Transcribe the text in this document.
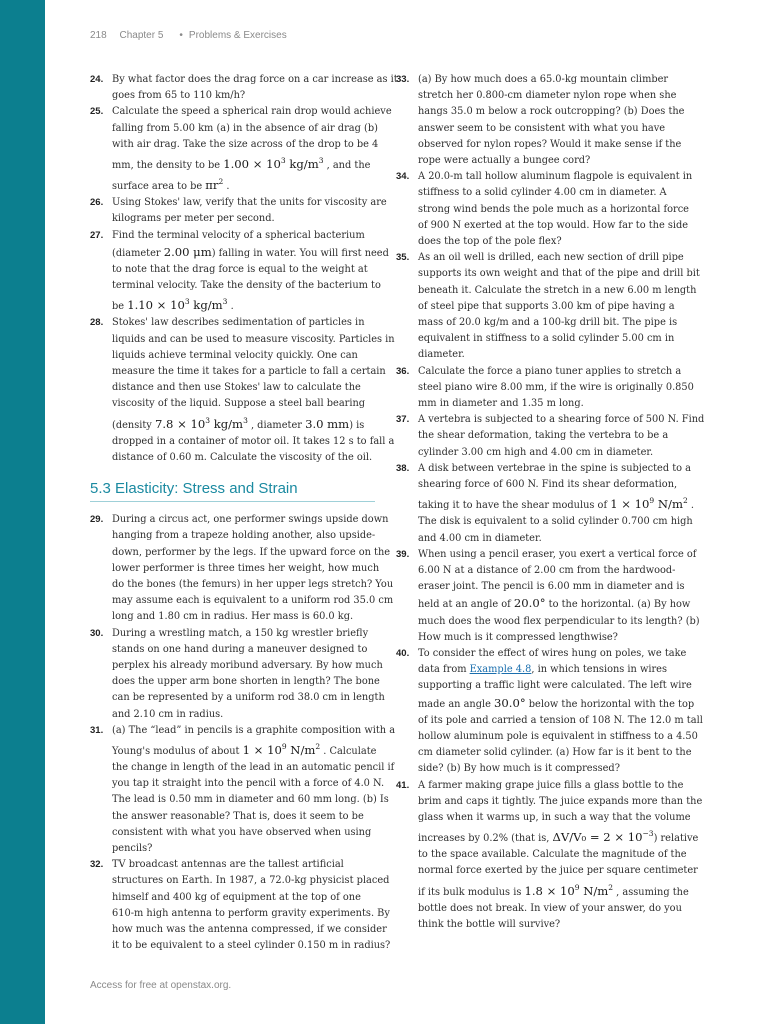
218 Chapter 5 • Problems & Exercises
24. By what factor does the drag force on a car increase as it
goes from 65 to 110 km/h?
25. Calculate the speed a spherical rain drop would achieve
falling from 5.00 km (a) in the absence of air drag (b)
with air drag. Take the size across of the drop to be 4
mm, the density to be $1.00 \times 10^3$ $kg/m^3$ , and the
surface area to be $\pi r^2$ .
26. Using Stokes' law, verify that the units for viscosity are
kilograms per meter per second.
27. Find the terminal velocity of a spherical bacterium
(diameter 2.00 μm) falling in water. You will first need
to note that the drag force is equal to the weight at
terminal velocity. Take the density of the bacterium to
be $1.10 \times 10^3$ $kg/m^3$ .
28. Stokes' law describes sedimentation of particles in
liquids and can be used to measure viscosity. Particles in
liquids achieve terminal velocity quickly. One can
measure the time it takes for a particle to fall a certain
distance and then use Stokes' law to calculate the
viscosity of the liquid. Suppose a steel ball bearing
(density $7.8 \times 10^3$ $kg/m^3$ , diameter 3.0 mm) is
dropped in a container of motor oil. It takes 12 s to fall a
distance of 0.60 m. Calculate the viscosity of the oil.
5.3 Elasticity: Stress and Strain
29. During a circus act, one performer swings upside down
hanging from a trapeze holding another, also upside-
down, performer by the legs. If the upward force on the
lower performer is three times her weight, how much
do the bones (the femurs) in her upper legs stretch? You
may assume each is equivalent to a uniform rod 35.0 cm
long and 1.80 cm in radius. Her mass is 60.0 kg.
30. During a wrestling match, a 150 kg wrestler briefly
stands on one hand during a maneuver designed to
perplex his already moribund adversary. By how much
does the upper arm bone shorten in length? The bone
can be represented by a uniform rod 38.0 cm in length
and 2.10 cm in radius.
31. (a) The “lead” in pencils is a graphite composition with a
Young's modulus of about $1 \times 10^9$ $N/m^2$ . Calculate
the change in length of the lead in an automatic pencil if
you tap it straight into the pencil with a force of 4.0 N.
The lead is 0.50 mm in diameter and 60 mm long. (b) Is
the answer reasonable? That is, does it seem to be
consistent with what you have observed when using
pencils?
32. TV broadcast antennas are the tallest artificial
structures on Earth. In 1987, a 72.0-kg physicist placed
himself and 400 kg of equipment at the top of one
610-m high antenna to perform gravity experiments. By
how much was the antenna compressed, if we consider
it to be equivalent to a steel cylinder 0.150 m in radius?
33. (a) By how much does a 65.0-kg mountain climber
stretch her 0.800-cm diameter nylon rope when she
hangs 35.0 m below a rock outcropping? (b) Does the
answer seem to be consistent with what you have
observed for nylon ropes? Would it make sense if the
rope were actually a bungee cord?
34. A 20.0-m tall hollow aluminum flagpole is equivalent in
stiffness to a solid cylinder 4.00 cm in diameter. A
strong wind bends the pole much as a horizontal force
of 900 N exerted at the top would. How far to the side
does the top of the pole flex?
35. As an oil well is drilled, each new section of drill pipe
supports its own weight and that of the pipe and drill bit
beneath it. Calculate the stretch in a new 6.00 m length
of steel pipe that supports 3.00 km of pipe having a
mass of 20.0 kg/m and a 100-kg drill bit. The pipe is
equivalent in stiffness to a solid cylinder 5.00 cm in
diameter.
36. Calculate the force a piano tuner applies to stretch a
steel piano wire 8.00 mm, if the wire is originally 0.850
mm in diameter and 1.35 m long.
37. A vertebra is subjected to a shearing force of 500 N. Find
the shear deformation, taking the vertebra to be a
cylinder 3.00 cm high and 4.00 cm in diameter.
38. A disk between vertebrae in the spine is subjected to a
shearing force of 600 N. Find its shear deformation,
taking it to have the shear modulus of $1 \times 10^9$ $N/m^2$ .
The disk is equivalent to a solid cylinder 0.700 cm high
and 4.00 cm in diameter.
39. When using a pencil eraser, you exert a vertical force of
6.00 N at a distance of 2.00 cm from the hardwood-
eraser joint. The pencil is 6.00 mm in diameter and is
held at an angle of 20.0° to the horizontal. (a) By how
much does the wood flex perpendicular to its length? (b)
How much is it compressed lengthwise?
40. To consider the effect of wires hung on poles, we take
data from Example 4.8, in which tensions in wires
supporting a traffic light were calculated. The left wire
made an angle 30.0° below the horizontal with the top
of its pole and carried a tension of 108 N. The 12.0 m tall
hollow aluminum pole is equivalent in stiffness to a 4.50
cm diameter solid cylinder. (a) How far is it bent to the
side? (b) By how much is it compressed?
41. A farmer making grape juice fills a glass bottle to the
brim and caps it tightly. The juice expands more than the
glass when it warms up, in such a way that the volume
increases by 0.2% (that is, $\Delta V/V_0 = 2 \times 10^{-3}$) relative
to the space available. Calculate the magnitude of the
normal force exerted by the juice per square centimeter
if its bulk modulus is $1.8 \times 10^9$ $N/m^2$ , assuming the
bottle does not break. In view of your answer, do you
think the bottle will survive?
Access for free at openstax.org.
